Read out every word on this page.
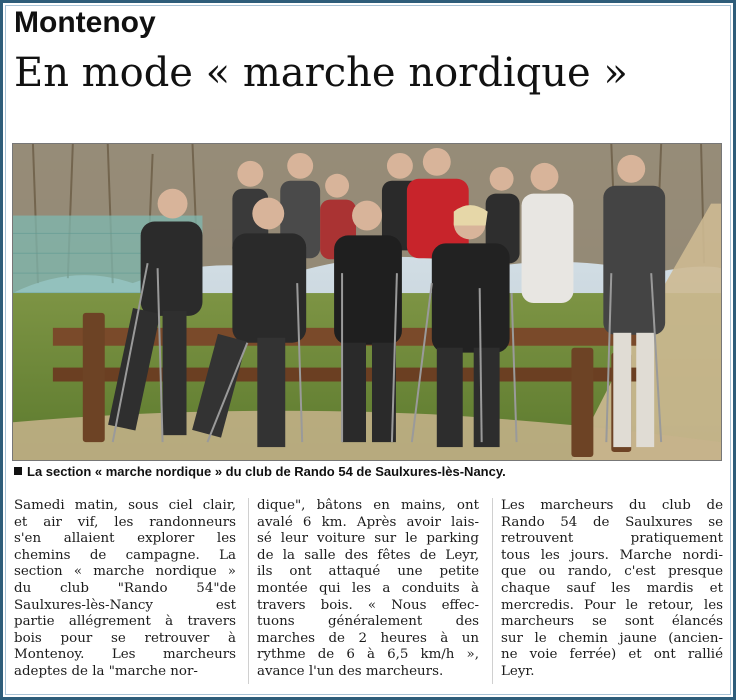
Montenoy
En mode « marche nordique »
La section « marche nordique » du club de Rando 54 de Saulxures-lès-Nancy.
Samedi matin, sous ciel clair,
et air vif, les randonneurs
s'en allaient explorer les
chemins de campagne. La
section « marche nordique »
du club "Rando 54"de
Saulxures-lès-Nancy est
partie allégrement à travers
bois pour se retrouver à
Montenoy. Les marcheurs
adeptes de la "marche nor-
dique", bâtons en mains, ont
avalé 6 km. Après avoir lais-
sé leur voiture sur le parking
de la salle des fêtes de Leyr,
ils ont attaqué une petite
montée qui les a conduits à
travers bois. « Nous effec-
tuons généralement des
marches de 2 heures à un
rythme de 6 à 6,5 km/h »,
avance l'un des marcheurs.
Les marcheurs du club de
Rando 54 de Saulxures se
retrouvent pratiquement
tous les jours. Marche nordi-
que ou rando, c'est presque
chaque sauf les mardis et
mercredis. Pour le retour, les
marcheurs se sont élancés
sur le chemin jaune (ancien-
ne voie ferrée) et ont rallié
Leyr.
